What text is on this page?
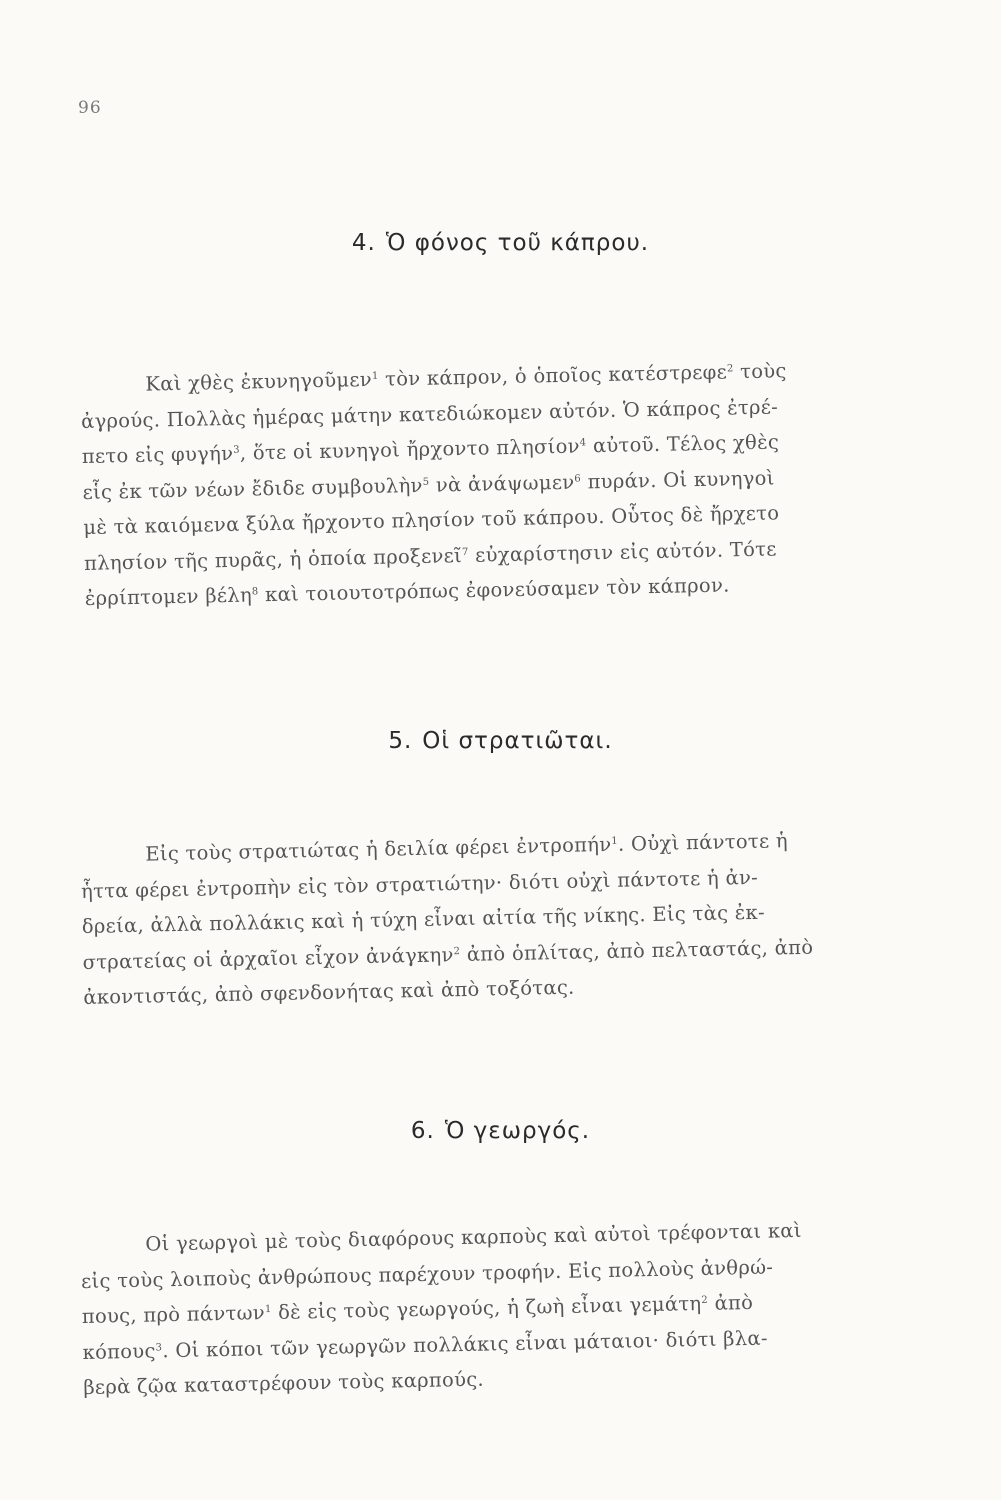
96
4. Ὁ φόνος τοῦ κάπρου.
Καὶ χθὲς ἐκυνηγοῦμεν$^1$ τὸν κάπρον, ὁ ὁποῖος κατέστρεφε$^2$ τοὺς
ἀγρούς. Πολλὰς ἡμέρας μάτην κατεδιώκομεν αὐτόν. Ὁ κάπρος ἐτρέ-
πετο εἰς φυγήν$^3$, ὅτε οἱ κυνηγοὶ ἤρχοντο πλησίον$^4$ αὐτοῦ. Τέλος χθὲς
εἷς ἐκ τῶν νέων ἔδιδε συμβουλὴν$^5$ νὰ ἀνάψωμεν$^6$ πυράν. Οἱ κυνηγοὶ
μὲ τὰ καιόμενα ξύλα ἤρχοντο πλησίον τοῦ κάπρου. Οὗτος δὲ ἤρχετο
πλησίον τῆς πυρᾶς, ἡ ὁποία προξενεῖ$^7$ εὐχαρίστησιν εἰς αὐτόν. Τότε
ἐρρίπτομεν βέλη$^8$ καὶ τοιουτοτρόπως ἐφονεύσαμεν τὸν κάπρον.
5. Οἱ στρατιῶται.
Εἰς τοὺς στρατιώτας ἡ δειλία φέρει ἐντροπήν$^1$. Οὐχὶ πάντοτε ἡ
ἧττα φέρει ἐντροπὴν εἰς τὸν στρατιώτην· διότι οὐχὶ πάντοτε ἡ ἀν-
δρεία, ἀλλὰ πολλάκις καὶ ἡ τύχη εἶναι αἰτία τῆς νίκης. Εἰς τὰς ἐκ-
στρατείας οἱ ἀρχαῖοι εἶχον ἀνάγκην$^2$ ἀπὸ ὁπλίτας, ἀπὸ πελταστάς, ἀπὸ
ἀκοντιστάς, ἀπὸ σφενδονήτας καὶ ἀπὸ τοξότας.
6. Ὁ γεωργός.
Οἱ γεωργοὶ μὲ τοὺς διαφόρους καρποὺς καὶ αὐτοὶ τρέφονται καὶ
εἰς τοὺς λοιποὺς ἀνθρώπους παρέχουν τροφήν. Εἰς πολλοὺς ἀνθρώ-
πους, πρὸ πάντων$^1$ δὲ εἰς τοὺς γεωργούς, ἡ ζωὴ εἶναι γεμάτη$^2$ ἀπὸ
κόπους$^3$. Οἱ κόποι τῶν γεωργῶν πολλάκις εἶναι μάταιοι· διότι βλα-
βερὰ ζῷα καταστρέφουν τοὺς καρπούς.
